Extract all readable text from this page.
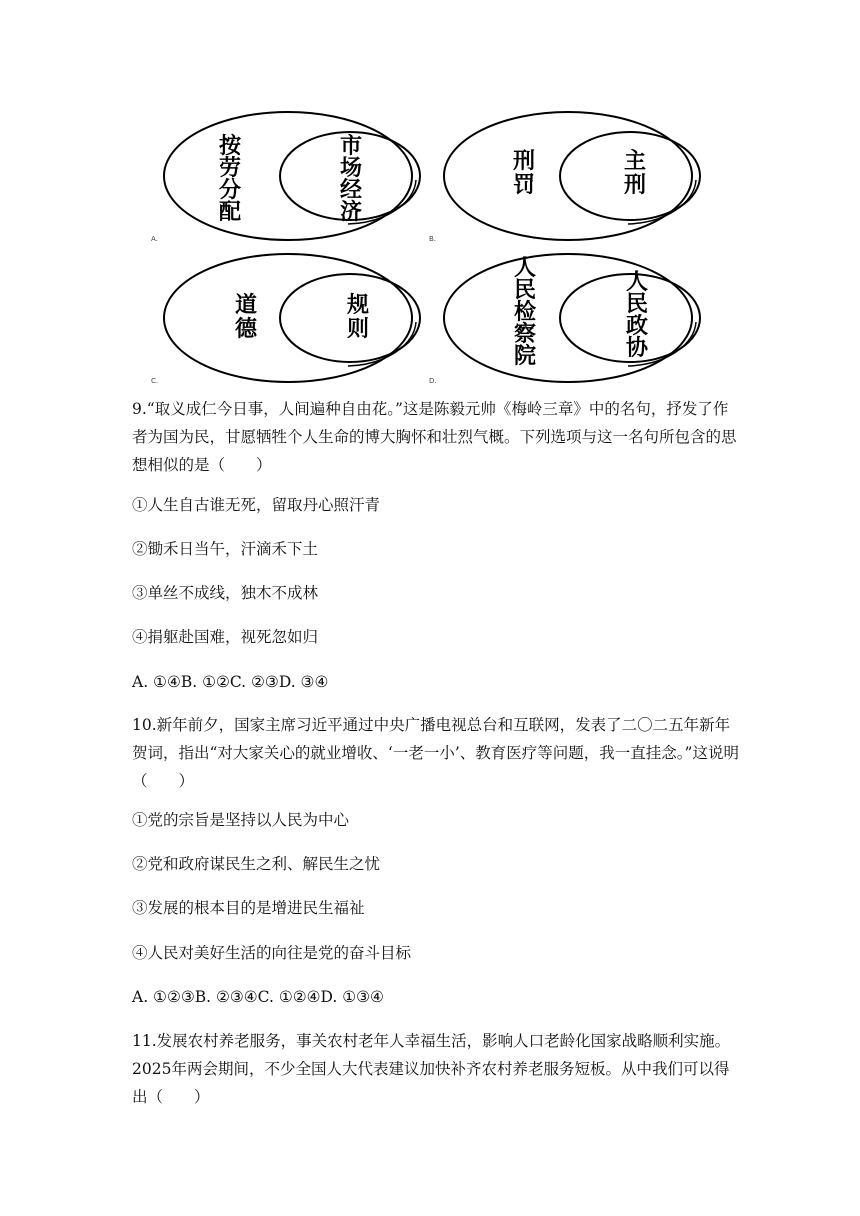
按
劳
分
配
市
场
经
济
A.
刑
罚
主
刑
B.
道
德
规
则
C.
人
民
检
察
院
人
民
政
协
D.
9.“取义成仁今日事，人间遍种自由花。”这是陈毅元帅《梅岭三章》中的名句，抒发了作者为国为民，甘愿牺牲个人生命的博大胸怀和壮烈气概。下列选项与这一名句所包含的思想相似的是（　　）
①人生自古谁无死，留取丹心照汗青
②锄禾日当午，汗滴禾下土
③单丝不成线，独木不成林
④捐躯赴国难，视死忽如归
A. ①④B. ①②C. ②③D. ③④
10.新年前夕，国家主席习近平通过中央广播电视总台和互联网，发表了二〇二五年新年贺词，指出“对大家关心的就业增收、‘一老一小’、教育医疗等问题，我一直挂念。”这说明（　　）
①党的宗旨是坚持以人民为中心
②党和政府谋民生之利、解民生之忧
③发展的根本目的是增进民生福祉
④人民对美好生活的向往是党的奋斗目标
A. ①②③B. ②③④C. ①②④D. ①③④
11.发展农村养老服务，事关农村老年人幸福生活，影响人口老龄化国家战略顺利实施。2025年两会期间，不少全国人大代表建议加快补齐农村养老服务短板。从中我们可以得出（　　）
